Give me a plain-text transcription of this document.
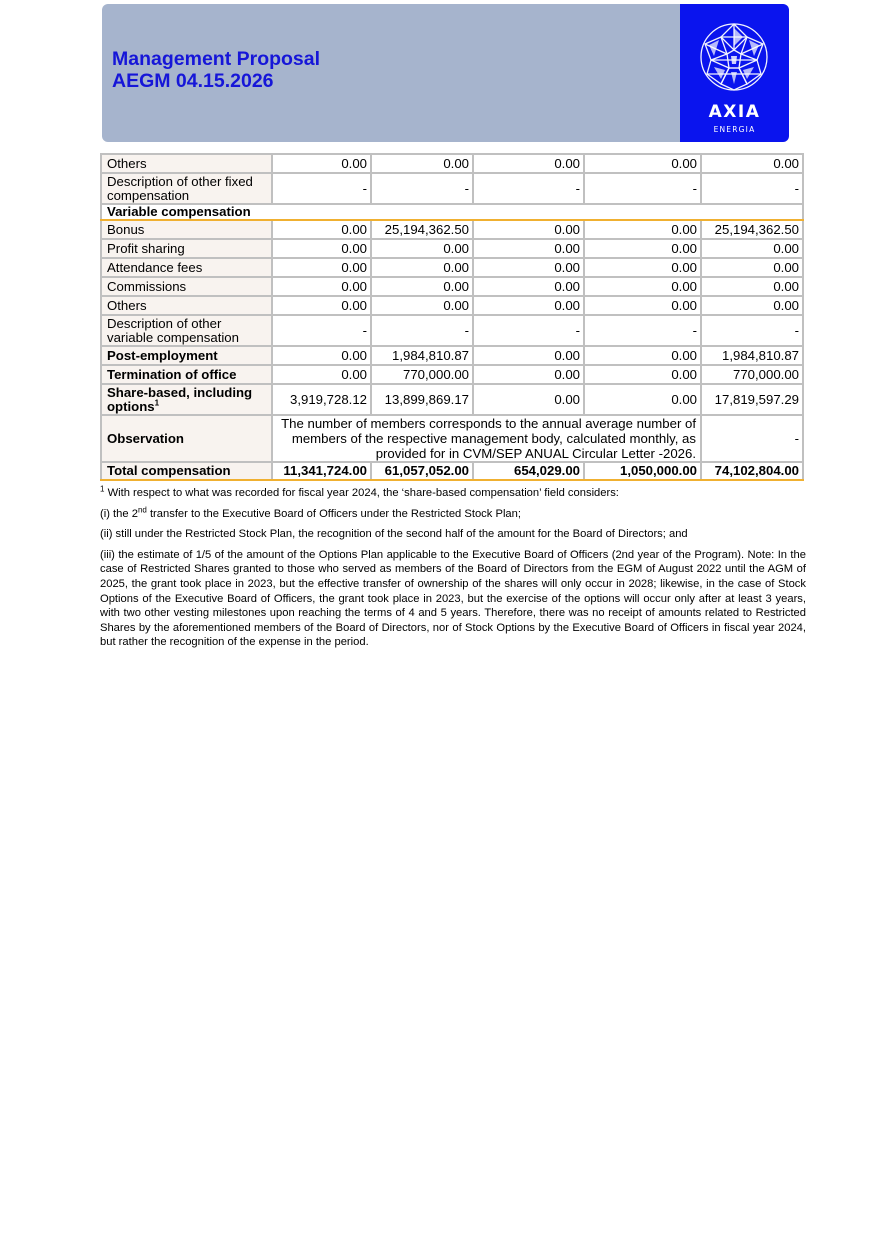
Management Proposal
AEGM 04.15.2026
AXIA
ENERGIA
Others	0.00	0.00	0.00	0.00	0.00
Description of other fixed compensation	-	-	-	-	-
Variable compensation					
Bonus	0.00	25,194,362.50	0.00	0.00	25,194,362.50
Profit sharing	0.00	0.00	0.00	0.00	0.00
Attendance fees	0.00	0.00	0.00	0.00	0.00
Commissions	0.00	0.00	0.00	0.00	0.00
Others	0.00	0.00	0.00	0.00	0.00
Description of other variable compensation	-	-	-	-	-
Post-employment	0.00	1,984,810.87	0.00	0.00	1,984,810.87
Termination of office	0.00	770,000.00	0.00	0.00	770,000.00
Share-based, including options$^1$	3,919,728.12	13,899,869.17	0.00	0.00	17,819,597.29
Observation	The number of members corresponds to the annual average number of members of the respective management body, calculated monthly, as provided for in CVM/SEP ANUAL Circular Letter -2026.				-
Total compensation	11,341,724.00	61,057,052.00	654,029.00	1,050,000.00	74,102,804.00

$^1$ With respect to what was recorded for fiscal year 2024, the ‘share-based compensation’ field considers:

(i) the 2nd transfer to the Executive Board of Officers under the Restricted Stock Plan;

(ii) still under the Restricted Stock Plan, the recognition of the second half of the amount for the Board of Directors; and

(iii) the estimate of 1/5 of the amount of the Options Plan applicable to the Executive Board of Officers (2nd year of the Program). Note: In the case of Restricted Shares granted to those who served as members of the Board of Directors from the EGM of August 2022 until the AGM of 2025, the grant took place in 2023, but the effective transfer of ownership of the shares will only occur in 2028; likewise, in the case of Stock Options of the Executive Board of Officers, the grant took place in 2023, but the exercise of the options will occur only after at least 3 years, with two other vesting milestones upon reaching the terms of 4 and 5 years. Therefore, there was no receipt of amounts related to Restricted Shares by the aforementioned members of the Board of Directors, nor of Stock Options by the Executive Board of Officers in fiscal year 2024, but rather the recognition of the expense in the period.
